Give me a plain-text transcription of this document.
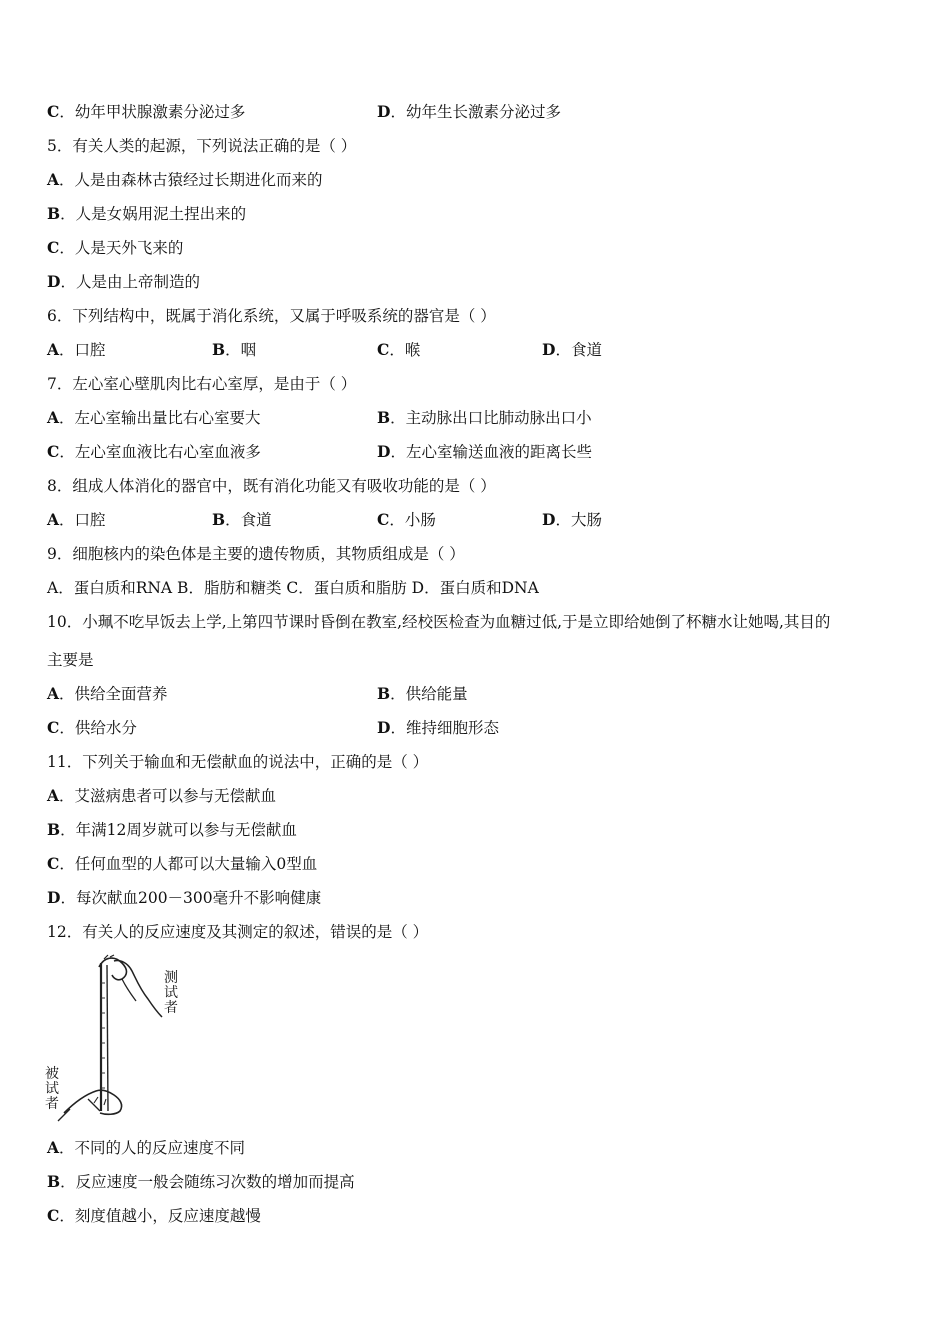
C．幼年甲状腺激素分泌过多	D．幼年生长激素分泌过多
5．有关人类的起源，下列说法正确的是（ ）
A．人是由森林古猿经过长期进化而来的
B．人是女娲用泥土捏出来的
C．人是天外飞来的
D．人是由上帝制造的
6．下列结构中，既属于消化系统，又属于呼吸系统的器官是（ ）
A．口腔	B．咽	C．喉	D．食道
7．左心室心壁肌肉比右心室厚，是由于（ ）
A．左心室输出量比右心室要大	B．主动脉出口比肺动脉出口小
C．左心室血液比右心室血液多	D．左心室输送血液的距离长些
8．组成人体消化的器官中，既有消化功能又有吸收功能的是（ ）
A．口腔	B．食道	C．小肠	D．大肠
9．细胞核内的染色体是主要的遗传物质，其物质组成是（ ）
A．蛋白质和RNA B．脂肪和糖类 C．蛋白质和脂肪 D．蛋白质和DNA
10．小珮不吃早饭去上学,上第四节课时昏倒在教室,经校医检查为血糖过低,于是立即给她倒了杯糖水让她喝,其目的
主要是
A．供给全面营养	B．供给能量
C．供给水分	D．维持细胞形态
11．下列关于输血和无偿献血的说法中，正确的是（ ）
A．艾滋病患者可以参与无偿献血
B．年满12周岁就可以参与无偿献血
C．任何血型的人都可以大量输入0型血
D．每次献血200－300毫升不影响健康
12．有关人的反应速度及其测定的叙述，错误的是（ ）
A．不同的人的反应速度不同
B．反应速度一般会随练习次数的增加而提高
C．刻度值越小，反应速度越慢
测试者
被试者
